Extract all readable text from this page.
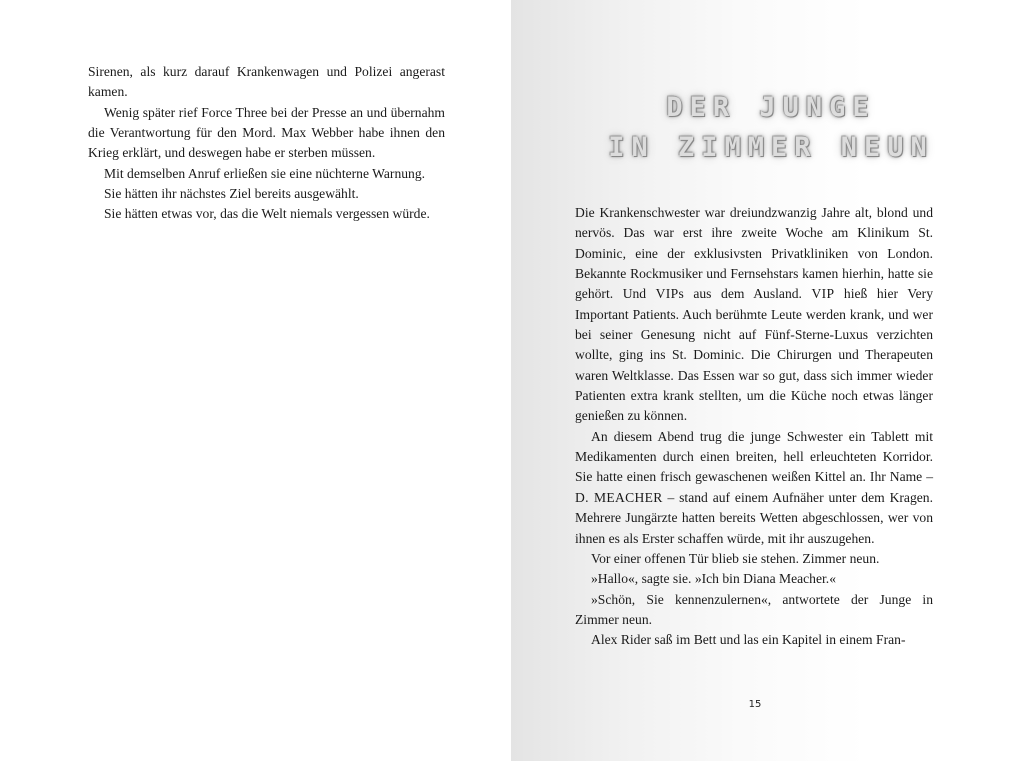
Sirenen, als kurz darauf Krankenwagen und Polizei angerast kamen.

Wenig später rief Force Three bei der Presse an und übernahm die Verantwortung für den Mord. Max Webber habe ihnen den Krieg erklärt, und deswegen habe er sterben müssen.

Mit demselben Anruf erließen sie eine nüchterne Warnung.

Sie hätten ihr nächstes Ziel bereits ausgewählt.

Sie hätten etwas vor, das die Welt niemals vergessen würde.

DER JUNGE
IN ZIMMER NEUN

Die Krankenschwester war dreiundzwanzig Jahre alt, blond und nervös. Das war erst ihre zweite Woche am Klinikum St. Dominic, eine der exklusivsten Privatkliniken von London. Bekannte Rockmusiker und Fernsehstars kamen hierhin, hatte sie gehört. Und VIPs aus dem Ausland. VIP hieß hier Very Important Patients. Auch berühmte Leute werden krank, und wer bei seiner Genesung nicht auf Fünf-Sterne-Luxus verzichten wollte, ging ins St. Dominic. Die Chirurgen und Therapeuten waren Weltklasse. Das Essen war so gut, dass sich immer wieder Patienten extra krank stellten, um die Küche noch etwas länger genießen zu können.

An diesem Abend trug die junge Schwester ein Tablett mit Medikamenten durch einen breiten, hell erleuchteten Korridor. Sie hatte einen frisch gewaschenen weißen Kittel an. Ihr Name – D. MEACHER – stand auf einem Aufnäher unter dem Kragen. Mehrere Jungärzte hatten bereits Wetten abgeschlossen, wer von ihnen es als Erster schaffen würde, mit ihr auszugehen.

Vor einer offenen Tür blieb sie stehen. Zimmer neun.

»Hallo«, sagte sie. »Ich bin Diana Meacher.«

»Schön, Sie kennenzulernen«, antwortete der Junge in Zimmer neun.

Alex Rider saß im Bett und las ein Kapitel in einem Fran-

15
